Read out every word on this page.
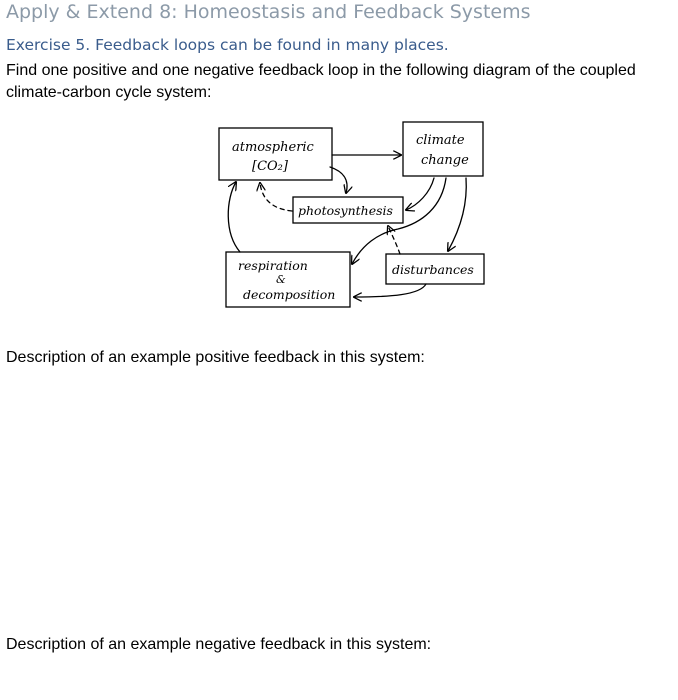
Apply & Extend 8: Homeostasis and Feedback Systems
Exercise 5. Feedback loops can be found in many places.
Find one positive and one negative feedback loop in the following diagram of the coupled climate-carbon cycle system:
atmospheric
[CO₂]
climate
change
photosynthesis
respiration
&
decomposition
disturbances
Description of an example positive feedback in this system:
Description of an example negative feedback in this system:
